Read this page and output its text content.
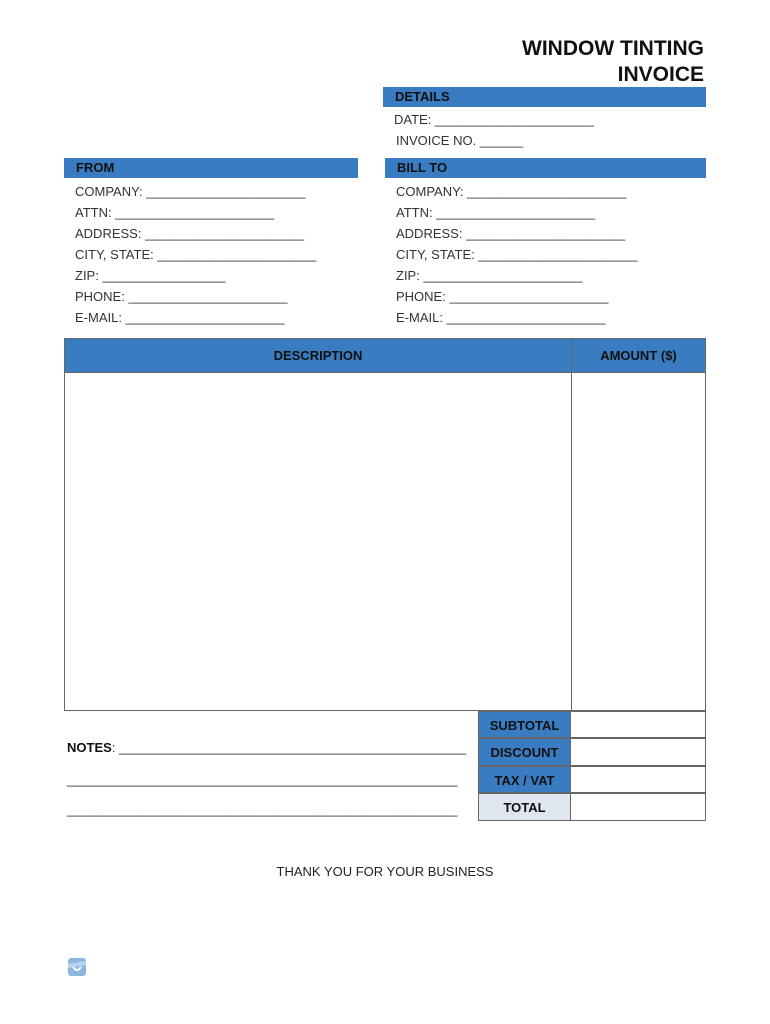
WINDOW TINTING
INVOICE
DETAILS
DATE: ______________________
INVOICE NO. ______
FROM
COMPANY: ______________________
ATTN: ______________________
ADDRESS: ______________________
CITY, STATE: ______________________
ZIP: _________________
PHONE: ______________________
E-MAIL: ______________________
BILL TO
COMPANY: ______________________
ATTN: ______________________
ADDRESS: ______________________
CITY, STATE: ______________________
ZIP: ______________________
PHONE: ______________________
E-MAIL: ______________________
DESCRIPTION	AMOUNT ($)
SUBTOTAL
DISCOUNT
TAX / VAT
TOTAL
NOTES: ________________________________________________
______________________________________________________
______________________________________________________
THANK YOU FOR YOUR BUSINESS
